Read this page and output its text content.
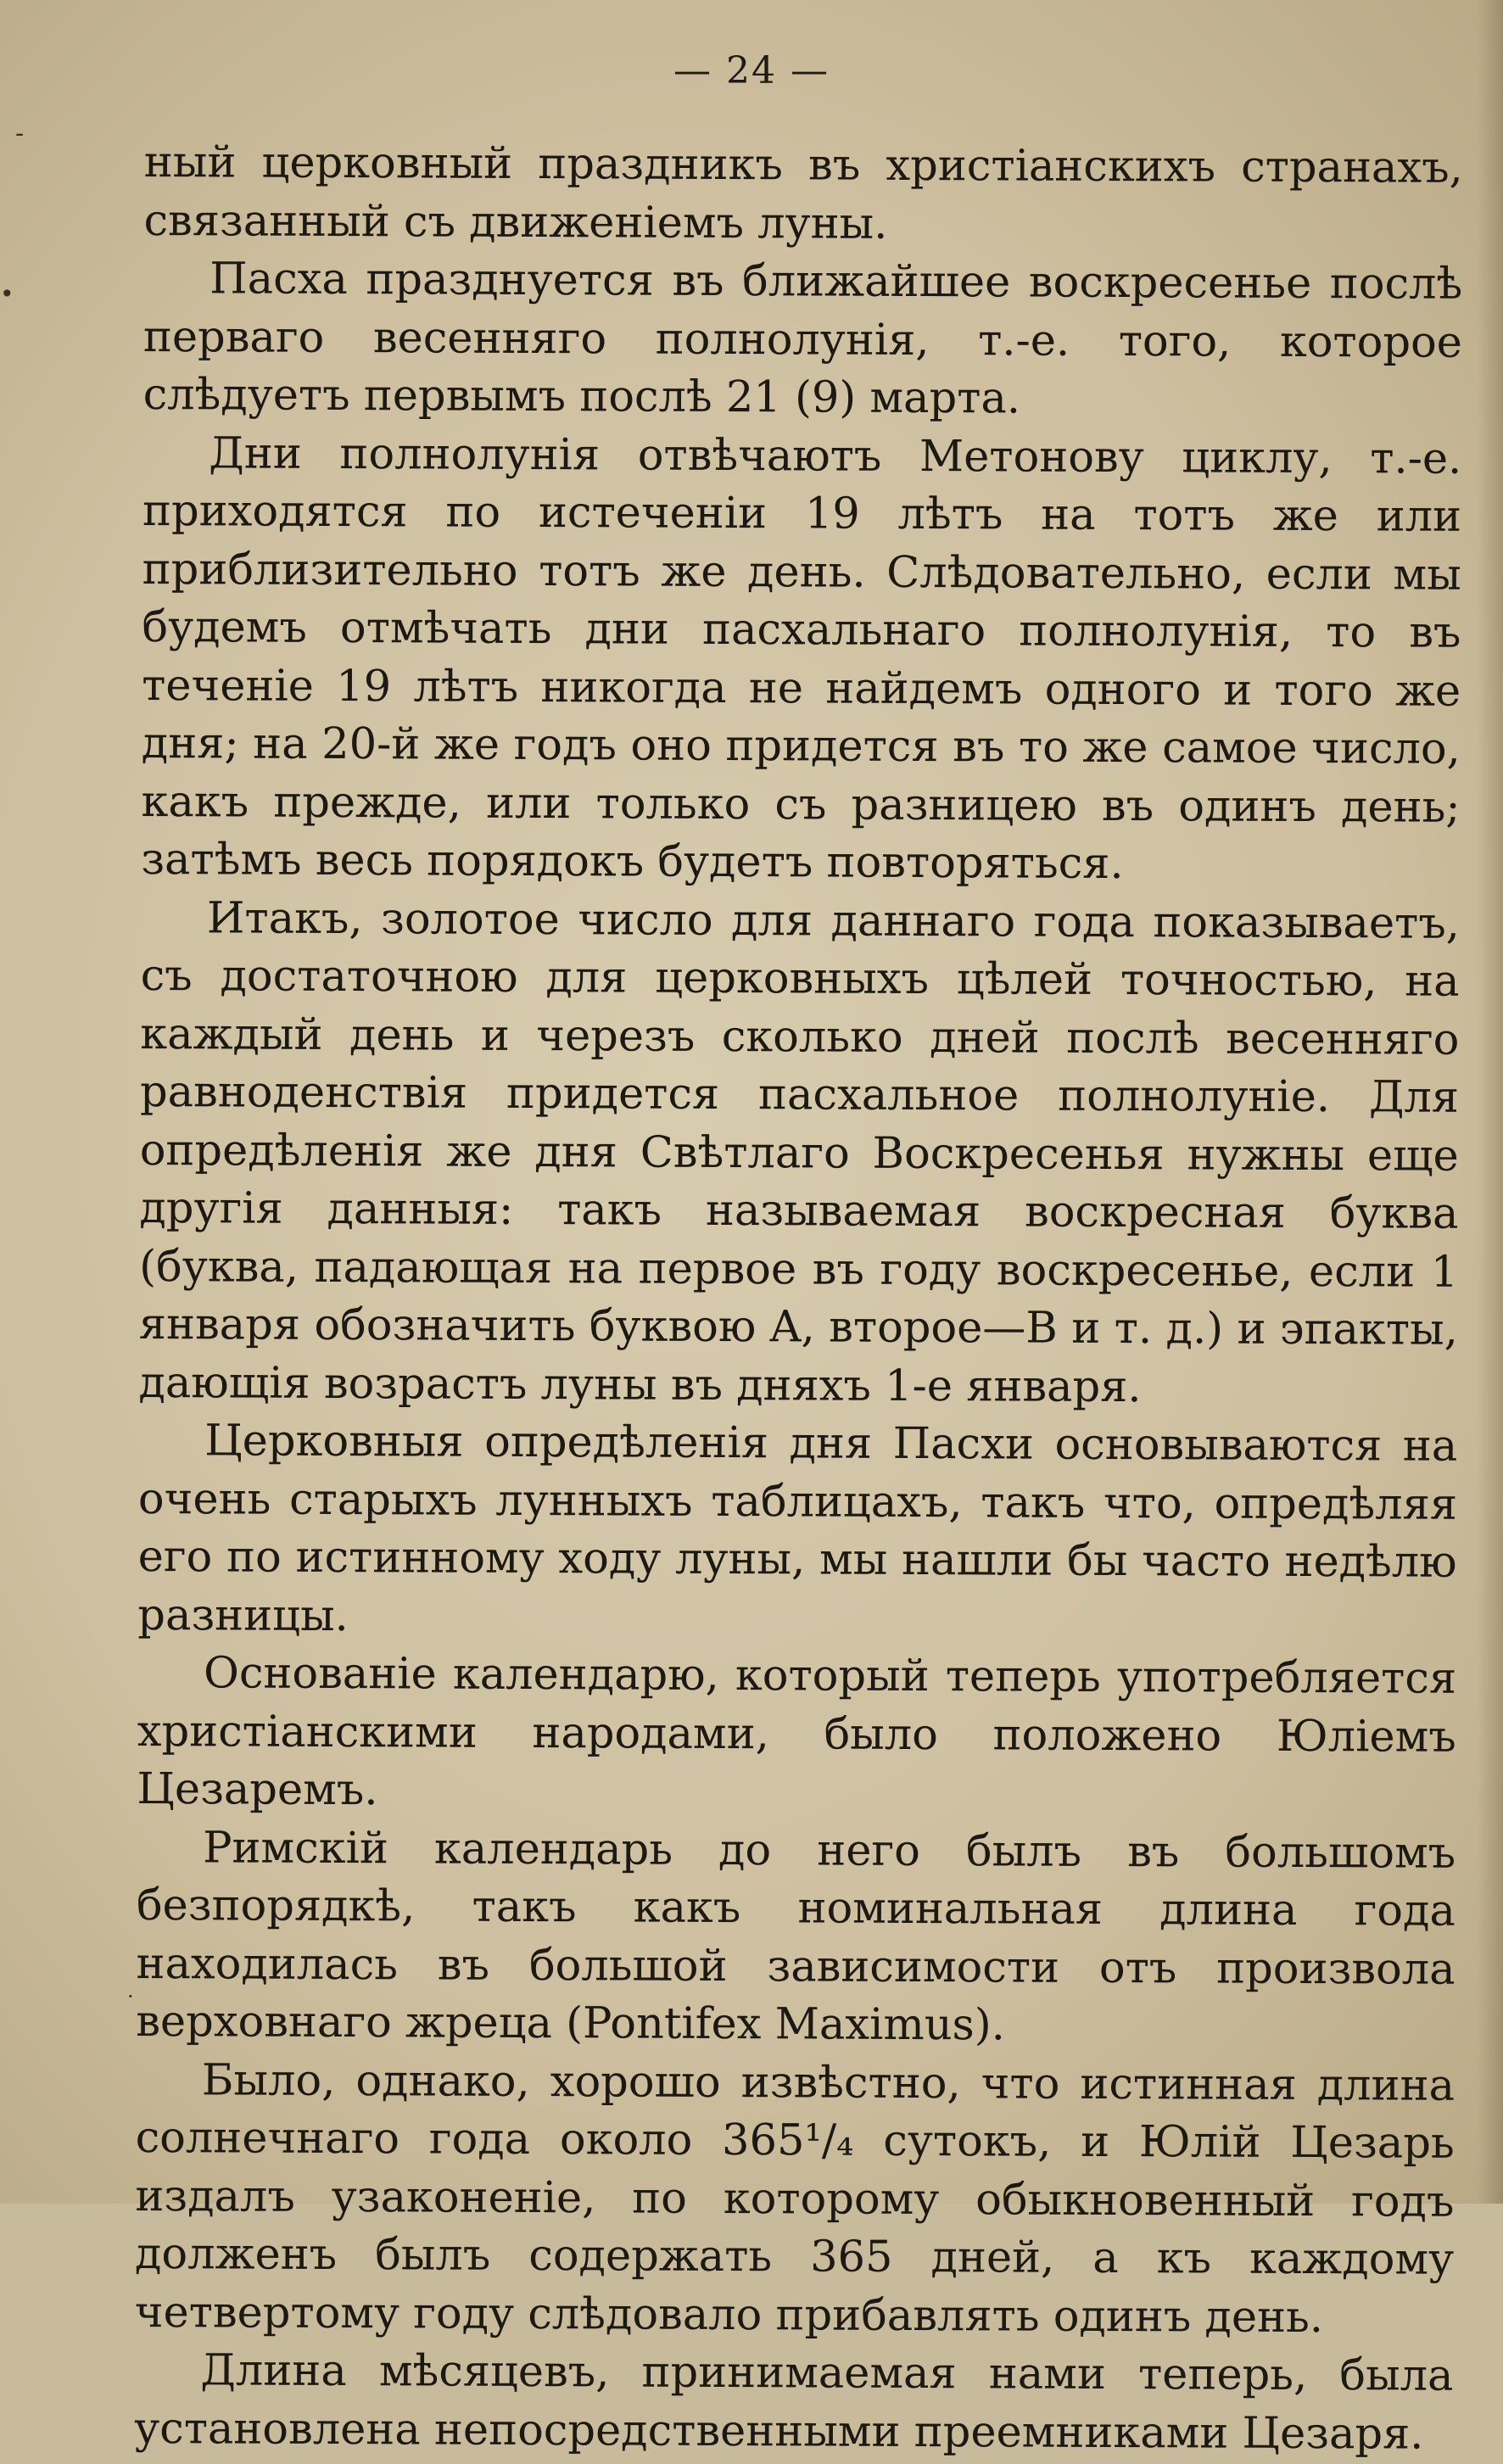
— 24 —

ный церковный праздникъ въ христіанскихъ странахъ, связанный съ движеніемъ луны.

Пасха празднуется въ ближайшее воскресенье послѣ перваго весенняго полнолунія, т.-е. того, которое слѣдуетъ первымъ послѣ 21 (9) марта.

Дни полнолунія отвѣчаютъ Метонову циклу, т.-е. приходятся по истеченіи 19 лѣтъ на тотъ же или приблизительно тотъ же день. Слѣдовательно, если мы будемъ отмѣчать дни пасхальнаго полнолунія, то въ теченіе 19 лѣтъ никогда не найдемъ одного и того же дня; на 20-й же годъ оно придется въ то же самое число, какъ прежде, или только съ разницею въ одинъ день; затѣмъ весь порядокъ будетъ повторяться.

Итакъ, золотое число для даннаго года показываетъ, съ достаточною для церковныхъ цѣлей точностью, на каждый день и черезъ сколько дней послѣ весенняго равноденствія придется пасхальное полнолуніе. Для опредѣленія же дня Свѣтлаго Воскресенья нужны еще другія данныя: такъ называемая воскресная буква (буква, падающая на первое въ году воскресенье, если 1 января обозначить буквою A, второе—B и т. д.) и эпакты, дающія возрастъ луны въ дняхъ 1-е января.

Церковныя опредѣленія дня Пасхи основываются на очень старыхъ лунныхъ таблицахъ, такъ что, опредѣляя его по истинному ходу луны, мы нашли бы часто недѣлю разницы.

Основаніе календарю, который теперь употребляется христіанскими народами, было положено Юліемъ Цезаремъ.

Римскій календарь до него былъ въ большомъ безпорядкѣ, такъ какъ номинальная длина года находилась въ большой зависимости отъ произвола верховнаго жреца (Pontifex Maximus).

Было, однако, хорошо извѣстно, что истинная длина солнечнаго года около 365¹/₄ сутокъ, и Юлій Цезарь издалъ узаконеніе, по которому обыкновенный годъ долженъ былъ содержать 365 дней, а къ каждому четвертому году слѣдовало прибавлять одинъ день.

Длина мѣсяцевъ, принимаемая нами теперь, была установлена непосредственными преемниками Цезаря.

-
•
·
